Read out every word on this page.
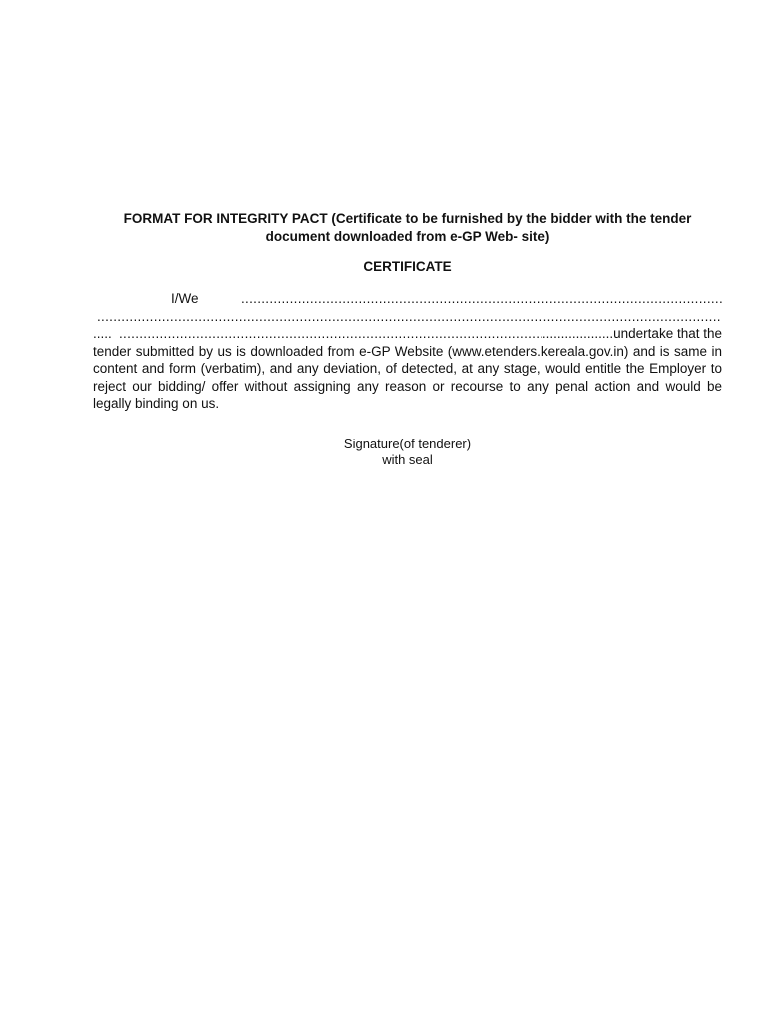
FORMAT FOR INTEGRITY PACT (Certificate to be furnished by the bidder with the tender
document downloaded from e-GP Web- site)

CERTIFICATE
I/We
.....
.....
.....
.....
...................undertake that the
tender submitted by us is downloaded from e-GP Website (www.etenders.kereala.gov.in) and is same in content and form (verbatim), and any deviation, of detected, at any stage, would entitle the Employer to reject our bidding/ offer without assigning any reason or recourse to any penal action and would be legally binding on us.
Signature(of tenderer)
with seal
